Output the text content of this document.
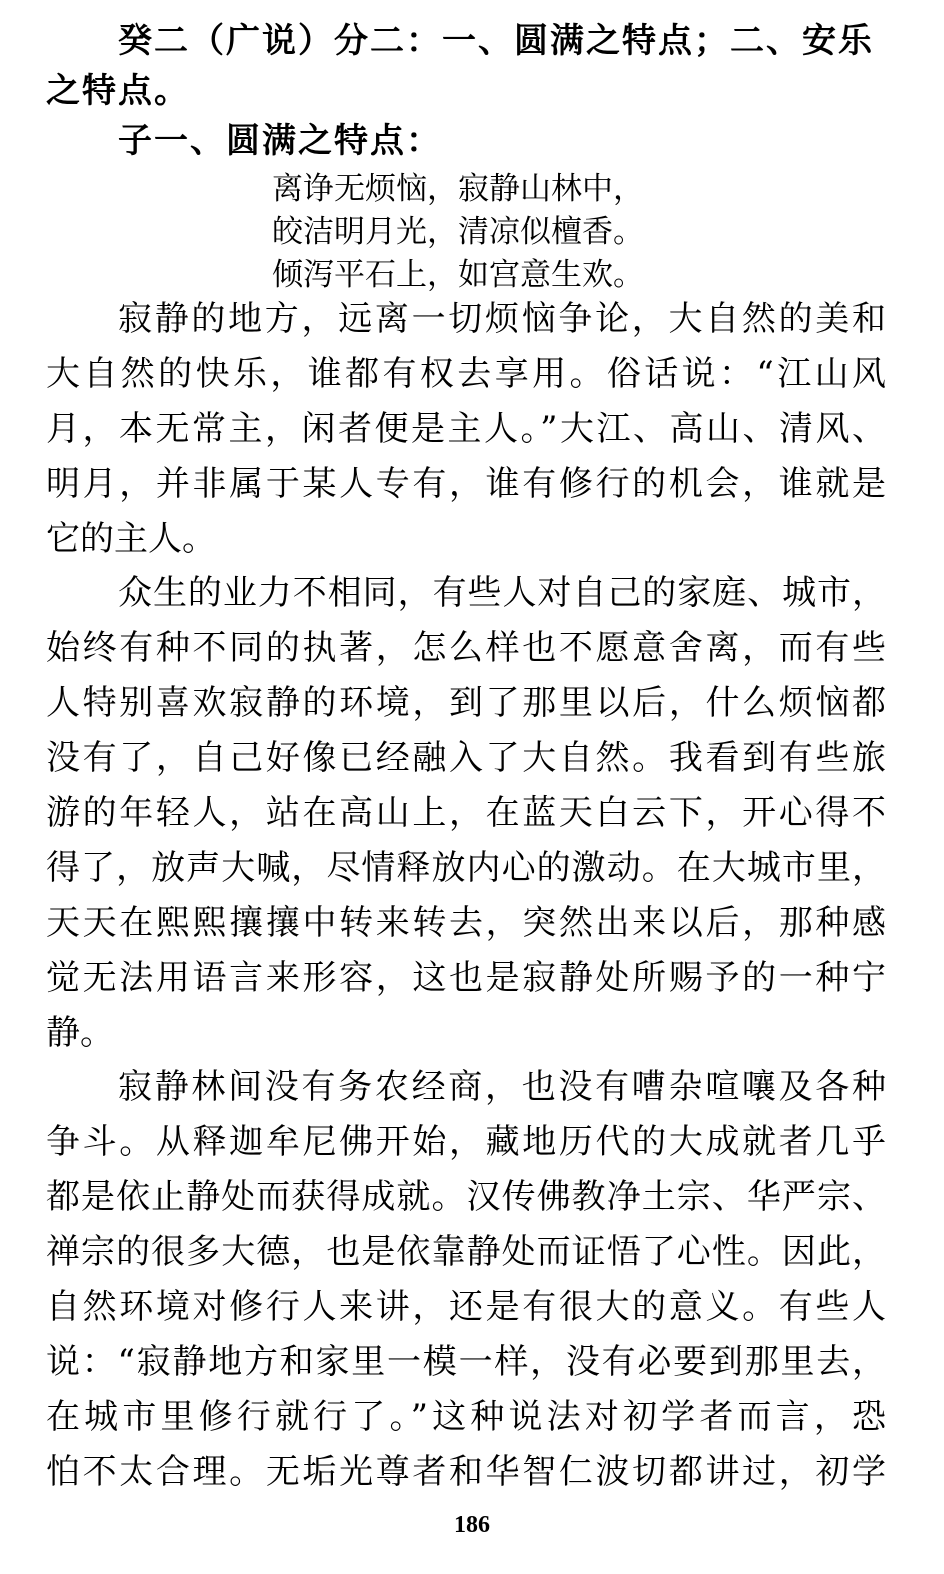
癸二（广说）分二：一、圆满之特点；二、安乐
之特点。
子一、圆满之特点：
离诤无烦恼，寂静山林中，
皎洁明月光，清凉似檀香。
倾泻平石上，如宫意生欢。
寂静的地方，远离一切烦恼争论，大自然的美和
大自然的快乐，谁都有权去享用。俗话说：“江山风
月，本无常主，闲者便是主人。”大江、高山、清风、
明月，并非属于某人专有，谁有修行的机会，谁就是
它的主人。
众生的业力不相同，有些人对自己的家庭、城市，
始终有种不同的执著，怎么样也不愿意舍离，而有些
人特别喜欢寂静的环境，到了那里以后，什么烦恼都
没有了，自己好像已经融入了大自然。我看到有些旅
游的年轻人，站在高山上，在蓝天白云下，开心得不
得了，放声大喊，尽情释放内心的激动。在大城市里，
天天在熙熙攘攘中转来转去，突然出来以后，那种感
觉无法用语言来形容，这也是寂静处所赐予的一种宁
静。
寂静林间没有务农经商，也没有嘈杂喧嚷及各种
争斗。从释迦牟尼佛开始，藏地历代的大成就者几乎
都是依止静处而获得成就。汉传佛教净土宗、华严宗、
禅宗的很多大德，也是依靠静处而证悟了心性。因此，
自然环境对修行人来讲，还是有很大的意义。有些人
说：“寂静地方和家里一模一样，没有必要到那里去，
在城市里修行就行了。”这种说法对初学者而言，恐
怕不太合理。无垢光尊者和华智仁波切都讲过，初学
186
